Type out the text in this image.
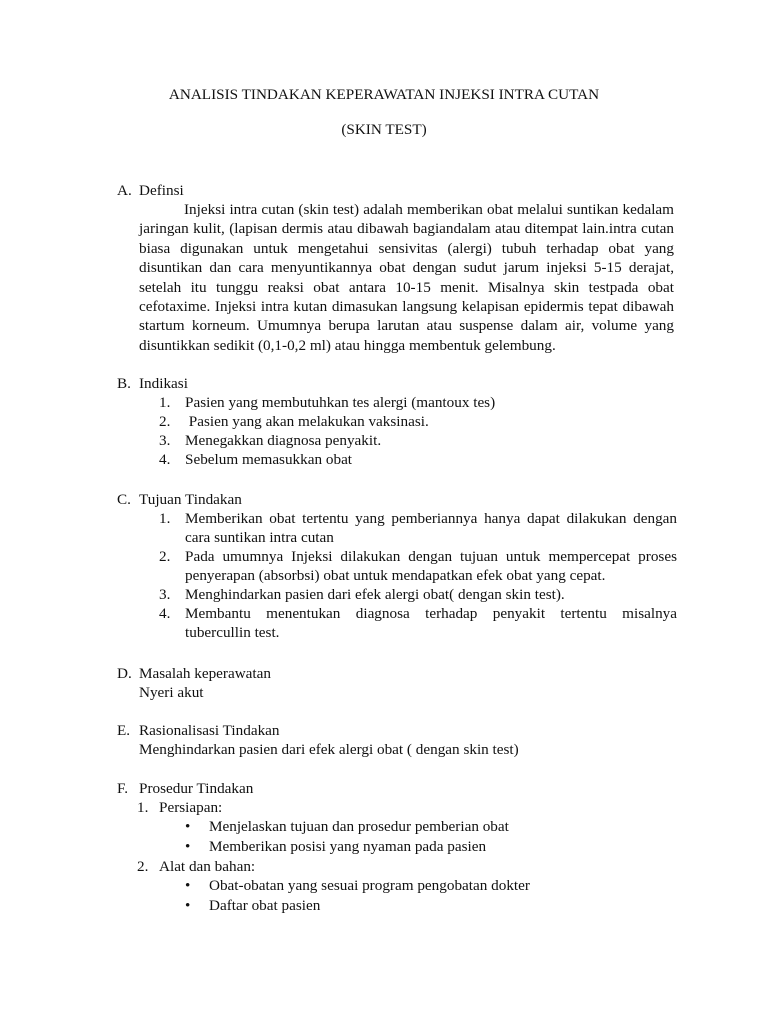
ANALISIS TINDAKAN KEPERAWATAN INJEKSI INTRA CUTAN
(SKIN TEST)
A. Definsi
Injeksi intra cutan (skin test) adalah memberikan obat melalui suntikan kedalam jaringan kulit, (lapisan dermis atau dibawah bagiandalam atau ditempat lain.intra cutan biasa digunakan untuk mengetahui sensivitas (alergi) tubuh terhadap obat yang disuntikan dan cara menyuntikannya obat dengan sudut jarum injeksi 5-15 derajat, setelah itu tunggu reaksi obat antara 10-15 menit. Misalnya skin testpada obat cefotaxime. Injeksi intra kutan dimasukan langsung kelapisan epidermis tepat dibawah startum korneum. Umumnya berupa larutan atau suspense dalam air, volume yang disuntikkan sedikit (0,1-0,2 ml) atau hingga membentuk gelembung.
B. Indikasi
1. Pasien yang membutuhkan tes alergi (mantoux tes)
2. Pasien yang akan melakukan vaksinasi.
3. Menegakkan diagnosa penyakit.
4. Sebelum memasukkan obat
C. Tujuan Tindakan
1. Memberikan obat tertentu yang pemberiannya hanya dapat dilakukan dengan cara suntikan intra cutan
2. Pada umumnya Injeksi dilakukan dengan tujuan untuk mempercepat proses penyerapan (absorbsi) obat untuk mendapatkan efek obat yang cepat.
3. Menghindarkan pasien dari efek alergi obat( dengan skin test).
4. Membantu menentukan diagnosa terhadap penyakit tertentu misalnya tubercullin test.
D. Masalah keperawatan
Nyeri akut
E. Rasionalisasi Tindakan
Menghindarkan pasien dari efek alergi obat ( dengan skin test)
F. Prosedur Tindakan
1. Persiapan:
•	Menjelaskan tujuan dan prosedur pemberian obat
•	Memberikan posisi yang nyaman pada pasien
2. Alat dan bahan:
•	Obat-obatan yang sesuai program pengobatan dokter
•	Daftar obat pasien
